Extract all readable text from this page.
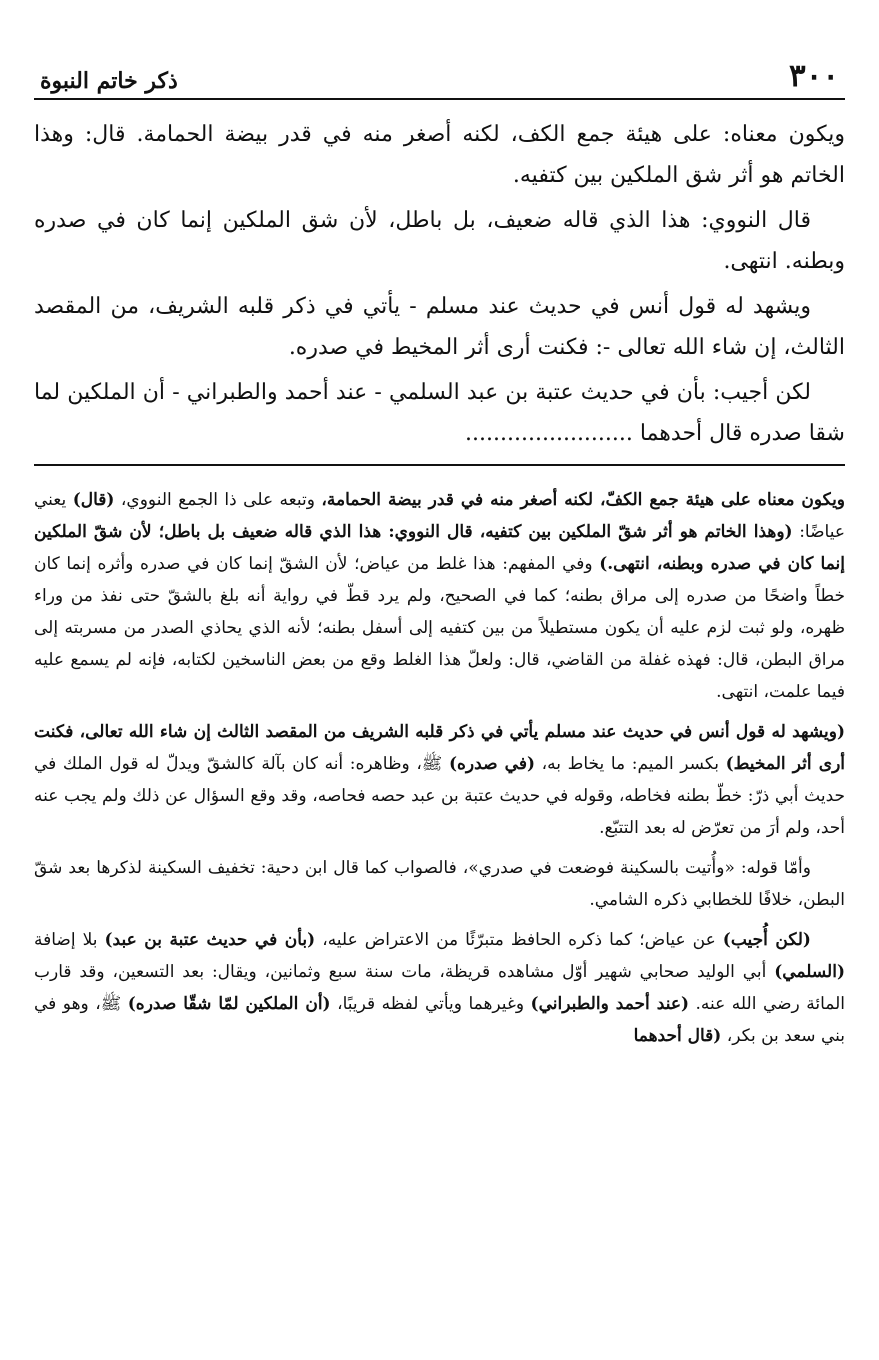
٣٠٠
ذكر خاتم النبوة

ويكون معناه: على هيئة جمع الكف، لكنه أصغر منه في قدر بيضة الحمامة. قال: وهذا الخاتم هو أثر شق الملكين بين كتفيه.

قال النووي: هذا الذي قاله ضعيف، بل باطل، لأن شق الملكين إنما كان في صدره وبطنه. انتهى.

ويشهد له قول أنس في حديث عند مسلم - يأتي في ذكر قلبه الشريف، من المقصد الثالث، إن شاء الله تعالى -: فكنت أرى أثر المخيط في صدره.

لكن أجيب: بأن في حديث عتبة بن عبد السلمي - عند أحمد والطبراني - أن الملكين لما شقا صدره قال أحدهما ........................

ويكون معناه على هيئة جمع الكفّ، لكنه أصغر منه في قدر بيضة الحمامة، وتبعه على ذا الجمع النووي، (قال) يعني عياضًا: (وهذا الخاتم هو أثر شقّ الملكين بين كتفيه، قال النووي: هذا الذي قاله ضعيف بل باطل؛ لأن شقّ الملكين إنما كان في صدره وبطنه، انتهى.) وفي المفهم: هذا غلط من عياض؛ لأن الشقّ إنما كان في صدره وأثره إنما كان خطاً واضحًا من صدره إلى مراق بطنه؛ كما في الصحيح، ولم يرد قطّ في رواية أنه بلغ بالشقّ حتى نفذ من وراء ظهره، ولو ثبت لزم عليه أن يكون مستطيلاً من بين كتفيه إلى أسفل بطنه؛ لأنه الذي يحاذي الصدر من مسربته إلى مراق البطن، قال: فهذه غفلة من القاضي، قال: ولعلّ هذا الغلط وقع من بعض الناسخين لكتابه، فإنه لم يسمع عليه فيما علمت، انتهى.

(ويشهد له قول أنس في حديث عند مسلم يأتي في ذكر قلبه الشريف من المقصد الثالث إن شاء الله تعالى، فكنت أرى أثر المخيط) بكسر الميم: ما يخاط به، (في صدره) ﷺ، وظاهره: أنه كان بآلة كالشقّ ويدلّ له قول الملك في حديث أبي ذرّ: خطّ بطنه فخاطه، وقوله في حديث عتبة بن عبد حصه فحاصه، وقد وقع السؤال عن ذلك ولم يجب عنه أحد، ولم أرَ من تعرّض له بعد التتبّع.

وأمّا قوله: «وأُتيت بالسكينة فوضعت في صدري»، فالصواب كما قال ابن دحية: تخفيف السكينة لذكرها بعد شقّ البطن، خلافًا للخطابي ذكره الشامي.

(لكن أُجيب) عن عياض؛ كما ذكره الحافظ متبرّئًا من الاعتراض عليه، (بأن في حديث عتبة بن عبد) بلا إضافة (السلمي) أبي الوليد صحابي شهير أوّل مشاهده قريظة، مات سنة سبع وثمانين، ويقال: بعد التسعين، وقد قارب المائة رضي الله عنه. (عند أحمد والطبراني) وغيرهما ويأتي لفظه قريبًا، (أن الملكين لمّا شقّا صدره) ﷺ، وهو في بني سعد بن بكر، (قال أحدهما
